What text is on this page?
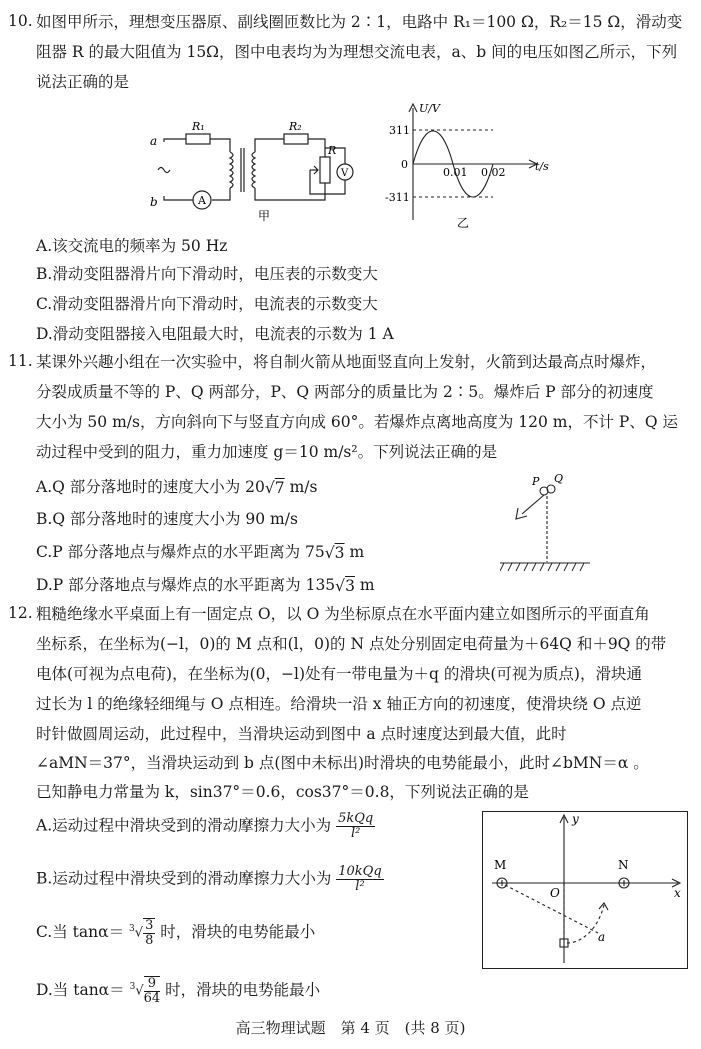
10. 如图甲所示，理想变压器原、副线圈匝数比为 2∶1，电路中 R₁＝100 Ω，R₂＝15 Ω，滑动变
阻器 R 的最大阻值为 15Ω，图中电表均为为理想交流电表，a、b 间的电压如图乙所示，下列
说法正确的是
a
b
R₁	R₂
R
A
V
甲
U/V
311
0
-311
0.01 0.02	t/s
乙
A.该交流电的频率为 50 Hz
B.滑动变阻器滑片向下滑动时，电压表的示数变大
C.滑动变阻器滑片向下滑动时，电流表的示数变大
D.滑动变阻器接入电阻最大时，电流表的示数为 1 A
11. 某课外兴趣小组在一次实验中，将自制火箭从地面竖直向上发射，火箭到达最高点时爆炸，
分裂成质量不等的 P、Q 两部分，P、Q 两部分的质量比为 2∶5。爆炸后 P 部分的初速度
大小为 50 m/s，方向斜向下与竖直方向成 60°。若爆炸点离地高度为 120 m，不计 P、Q 运
动过程中受到的阻力，重力加速度 g＝10 m/s²。下列说法正确的是
A.Q 部分落地时的速度大小为 20√7 m/s
B.Q 部分落地时的速度大小为 90 m/s
C.P 部分落地点与爆炸点的水平距离为 75√3 m
D.P 部分落地点与爆炸点的水平距离为 135√3 m
P Q
12. 粗糙绝缘水平桌面上有一固定点 O，以 O 为坐标原点在水平面内建立如图所示的平面直角
坐标系，在坐标为(−l，0)的 M 点和(l，0)的 N 点处分别固定电荷量为＋64Q 和＋9Q 的带
电体(可视为点电荷)，在坐标为(0，−l)处有一带电量为＋q 的滑块(可视为质点)，滑块通
过长为 l 的绝缘轻细绳与 O 点相连。给滑块一沿 x 轴正方向的初速度，使滑块绕 O 点逆
时针做圆周运动，此过程中，当滑块运动到图中 a 点时速度达到最大值，此时
∠aMN＝37°，当滑块运动到 b 点(图中未标出)时滑块的电势能最小，此时∠bMN＝α 。
已知静电力常量为 k，sin37°＝0.6，cos37°＝0.8，下列说法正确的是
A.运动过程中滑块受到的滑动摩擦力大小为 $\frac{\text{5kQq}}{\text{l²}}$
B.运动过程中滑块受到的滑动摩擦力大小为 $\frac{\text{10kQq}}{\text{l²}}$
C.当 $\tan\alpha= ^3√ \frac{3}{8}$ 时，滑块的电势能最小
D.当 $\tan\alpha= ^3√ \frac{9}{64}$ 时，滑块的电势能最小
M	N
O	x
y
a
高三物理试题　第 4 页　(共 8 页)
